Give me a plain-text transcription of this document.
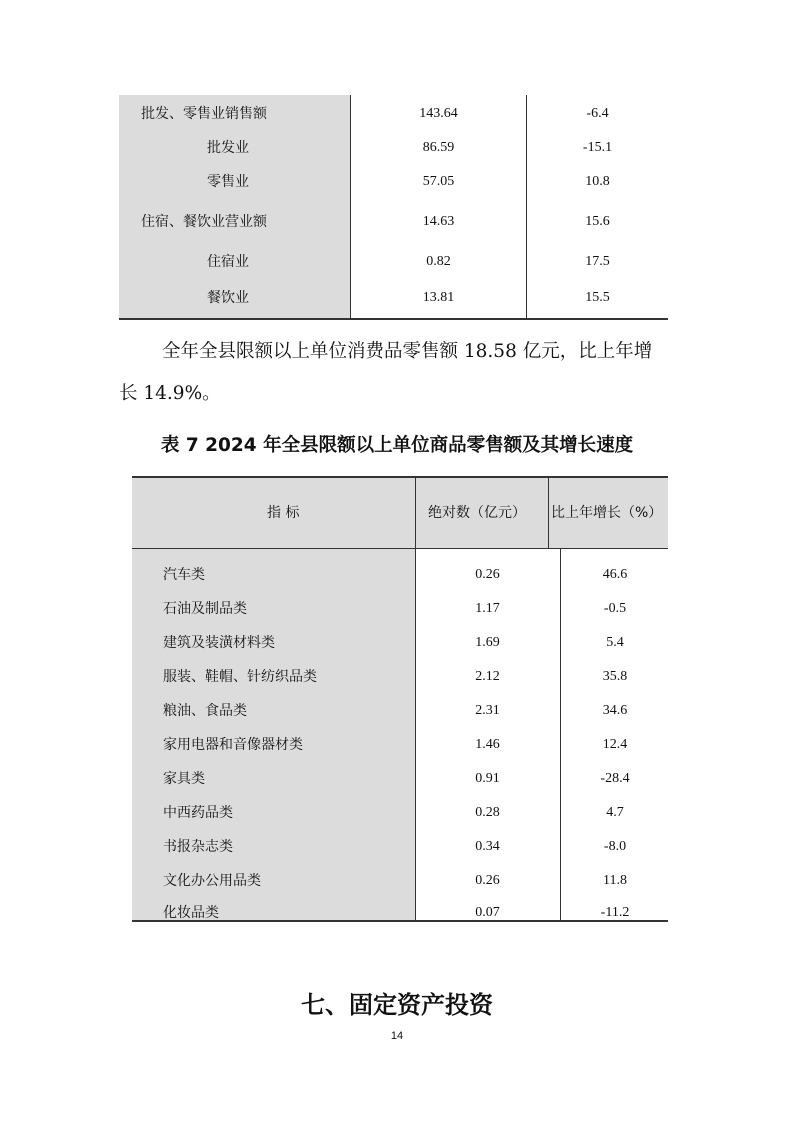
批发、零售业销售额	143.64	-6.4
批发业	86.59	-15.1
零售业	57.05	10.8
住宿、餐饮业营业额	14.63	15.6
住宿业	0.82	17.5
餐饮业	13.81	15.5
全年全县限额以上单位消费品零售额 18.58 亿元，比上年增
长 14.9%。
表 7 2024 年全县限额以上单位商品零售额及其增长速度
指 标	绝对数（亿元） 比上年增长（%）
汽车类	0.26	46.6
石油及制品类	1.17	-0.5
建筑及装潢材料类	1.69	5.4
服装、鞋帽、针纺织品类	2.12	35.8
粮油、食品类	2.31	34.6
家用电器和音像器材类	1.46	12.4
家具类	0.91	-28.4
中西药品类	0.28	4.7
书报杂志类	0.34	-8.0
文化办公用品类	0.26	11.8
化妆品类	0.07	-11.2
七、固定资产投资
14
